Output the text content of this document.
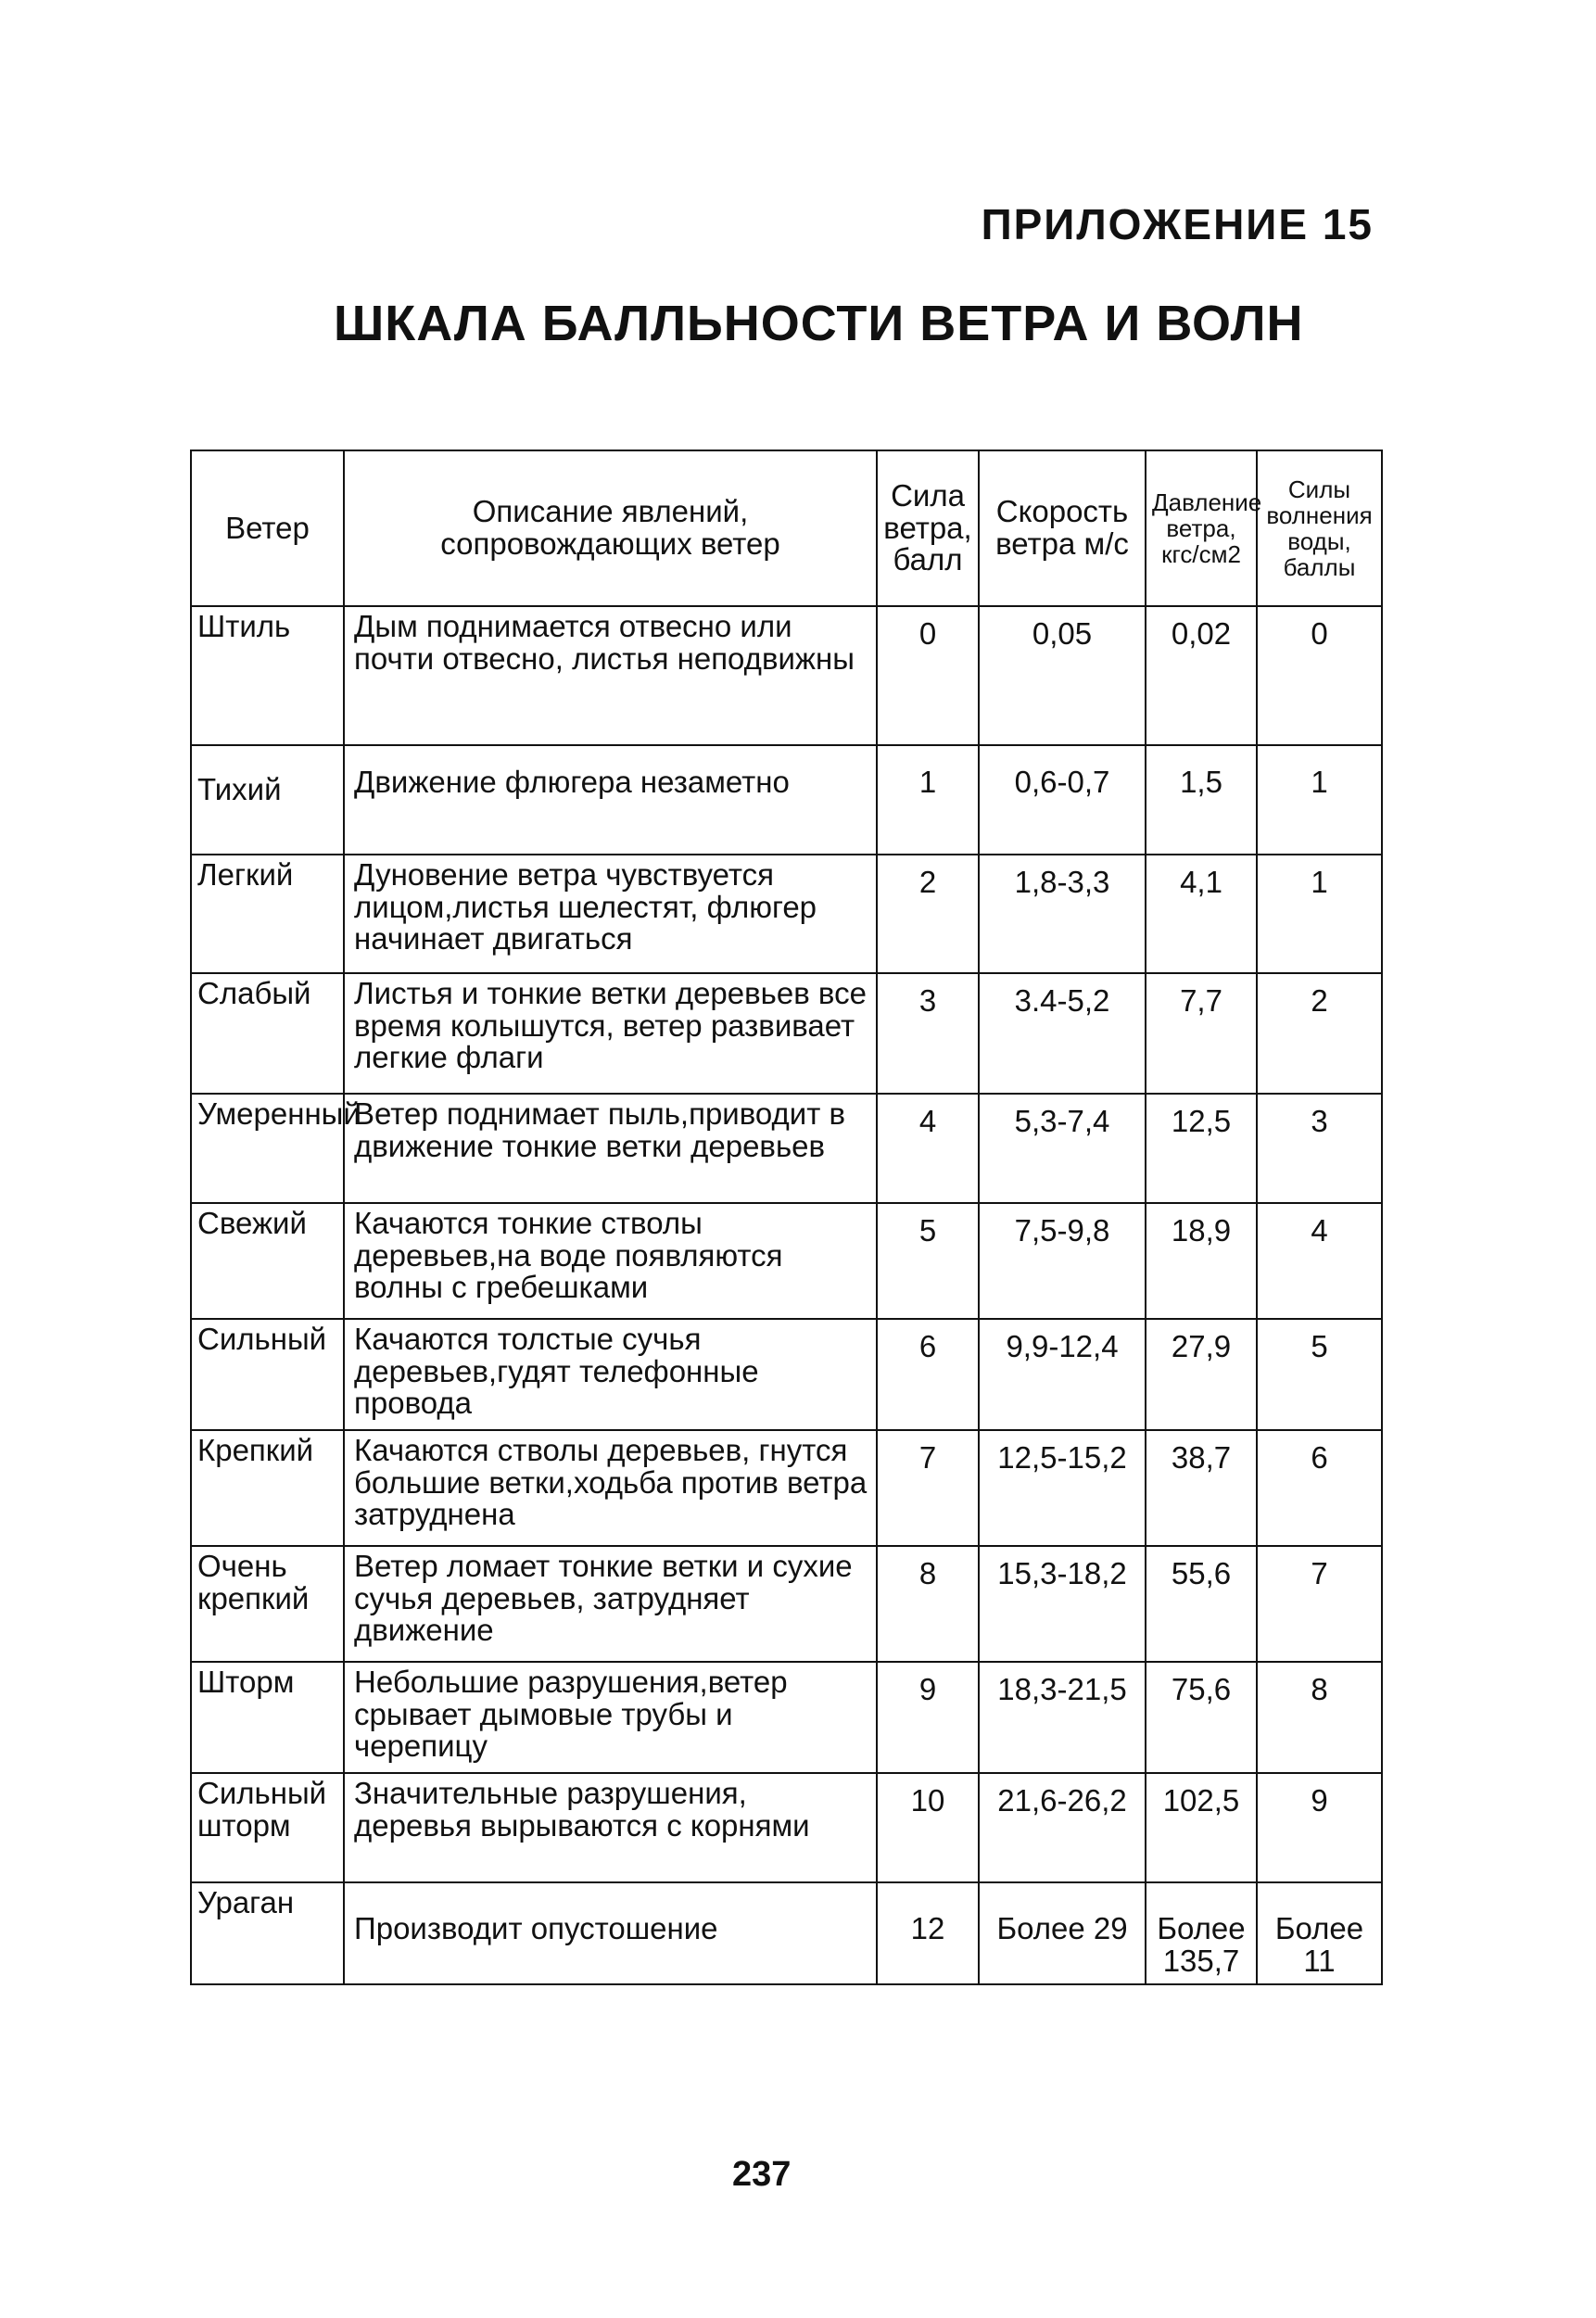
ПРИЛОЖЕНИЕ 15
ШКАЛА БАЛЛЬНОСТИ ВЕТРА И ВОЛН
Ветер	Описание явлений, сопровождающих ветер	Сила ветра, балл	Скорость ветра м/с	Давление ветра, кгс/см2	Силы волнения воды, баллы

Штиль	Дым поднимается отвесно или почти отвесно, листья неподвижны	0	0,05	0,02	0
Тихий	Движение флюгера незаметно	1	0,6-0,7	1,5	1
Легкий	Дуновение ветра чувствуется лицом,листья шелестят, флюгер начинает двигаться	2	1,8-3,3	4,1	1
Слабый	Листья и тонкие ветки деревьев все время колышутся, ветер развивает легкие флаги	3	3.4-5,2	7,7	2
Умеренный	Ветер поднимает пыль,приводит в движение тонкие ветки деревьев	4	5,3-7,4	12,5	3
Свежий	Качаются тонкие стволы деревьев,на воде появляются волны с гребешками	5	7,5-9,8	18,9	4
Сильный	Качаются толстые сучья деревьев,гудят телефонные провода	6	9,9-12,4	27,9	5
Крепкий	Качаются стволы деревьев, гнутся большие ветки,ходьба против ветра затруднена	7	12,5-15,2	38,7	6
Очень крепкий	Ветер ломает тонкие ветки и сухие сучья деревьев, затрудняет движение	8	15,3-18,2	55,6	7
Шторм	Небольшие разрушения,ветер срывает дымовые трубы и черепицу	9	18,3-21,5	75,6	8
Сильный шторм	Значительные разрушения, деревья вырываются с корнями	10	21,6-26,2	102,5	9
Ураган	Производит опустошение	12	Более 29	Более 135,7	Более 11
237
